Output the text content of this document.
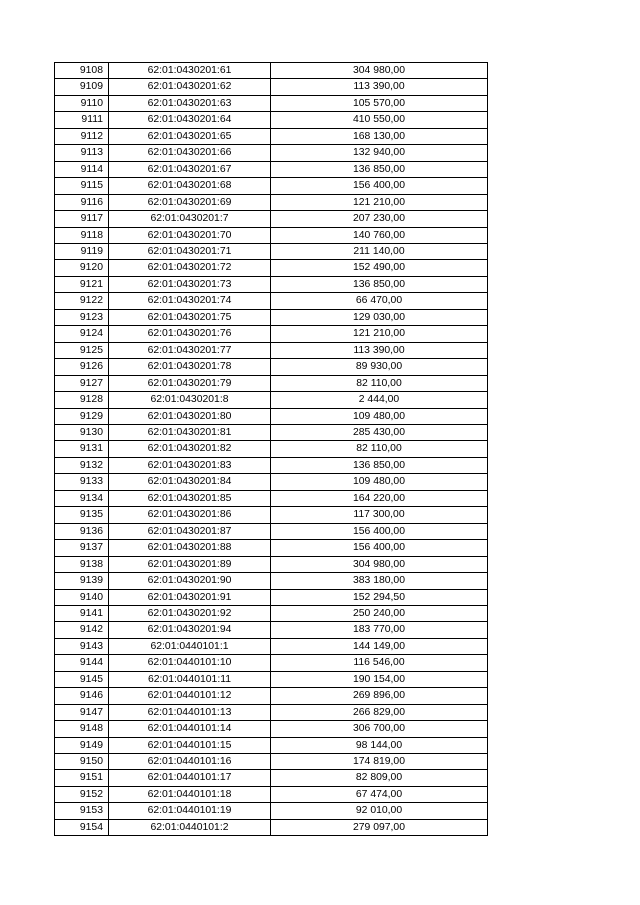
9108	62:01:0430201:61	304 980,00
9109	62:01:0430201:62	113 390,00
9110	62:01:0430201:63	105 570,00
9111	62:01:0430201:64	410 550,00
9112	62:01:0430201:65	168 130,00
9113	62:01:0430201:66	132 940,00
9114	62:01:0430201:67	136 850,00
9115	62:01:0430201:68	156 400,00
9116	62:01:0430201:69	121 210,00
9117	62:01:0430201:7	207 230,00
9118	62:01:0430201:70	140 760,00
9119	62:01:0430201:71	211 140,00
9120	62:01:0430201:72	152 490,00
9121	62:01:0430201:73	136 850,00
9122	62:01:0430201:74	66 470,00
9123	62:01:0430201:75	129 030,00
9124	62:01:0430201:76	121 210,00
9125	62:01:0430201:77	113 390,00
9126	62:01:0430201:78	89 930,00
9127	62:01:0430201:79	82 110,00
9128	62:01:0430201:8	2 444,00
9129	62:01:0430201:80	109 480,00
9130	62:01:0430201:81	285 430,00
9131	62:01:0430201:82	82 110,00
9132	62:01:0430201:83	136 850,00
9133	62:01:0430201:84	109 480,00
9134	62:01:0430201:85	164 220,00
9135	62:01:0430201:86	117 300,00
9136	62:01:0430201:87	156 400,00
9137	62:01:0430201:88	156 400,00
9138	62:01:0430201:89	304 980,00
9139	62:01:0430201:90	383 180,00
9140	62:01:0430201:91	152 294,50
9141	62:01:0430201:92	250 240,00
9142	62:01:0430201:94	183 770,00
9143	62:01:0440101:1	144 149,00
9144	62:01:0440101:10	116 546,00
9145	62:01:0440101:11	190 154,00
9146	62:01:0440101:12	269 896,00
9147	62:01:0440101:13	266 829,00
9148	62:01:0440101:14	306 700,00
9149	62:01:0440101:15	98 144,00
9150	62:01:0440101:16	174 819,00
9151	62:01:0440101:17	82 809,00
9152	62:01:0440101:18	67 474,00
9153	62:01:0440101:19	92 010,00
9154	62:01:0440101:2	279 097,00
